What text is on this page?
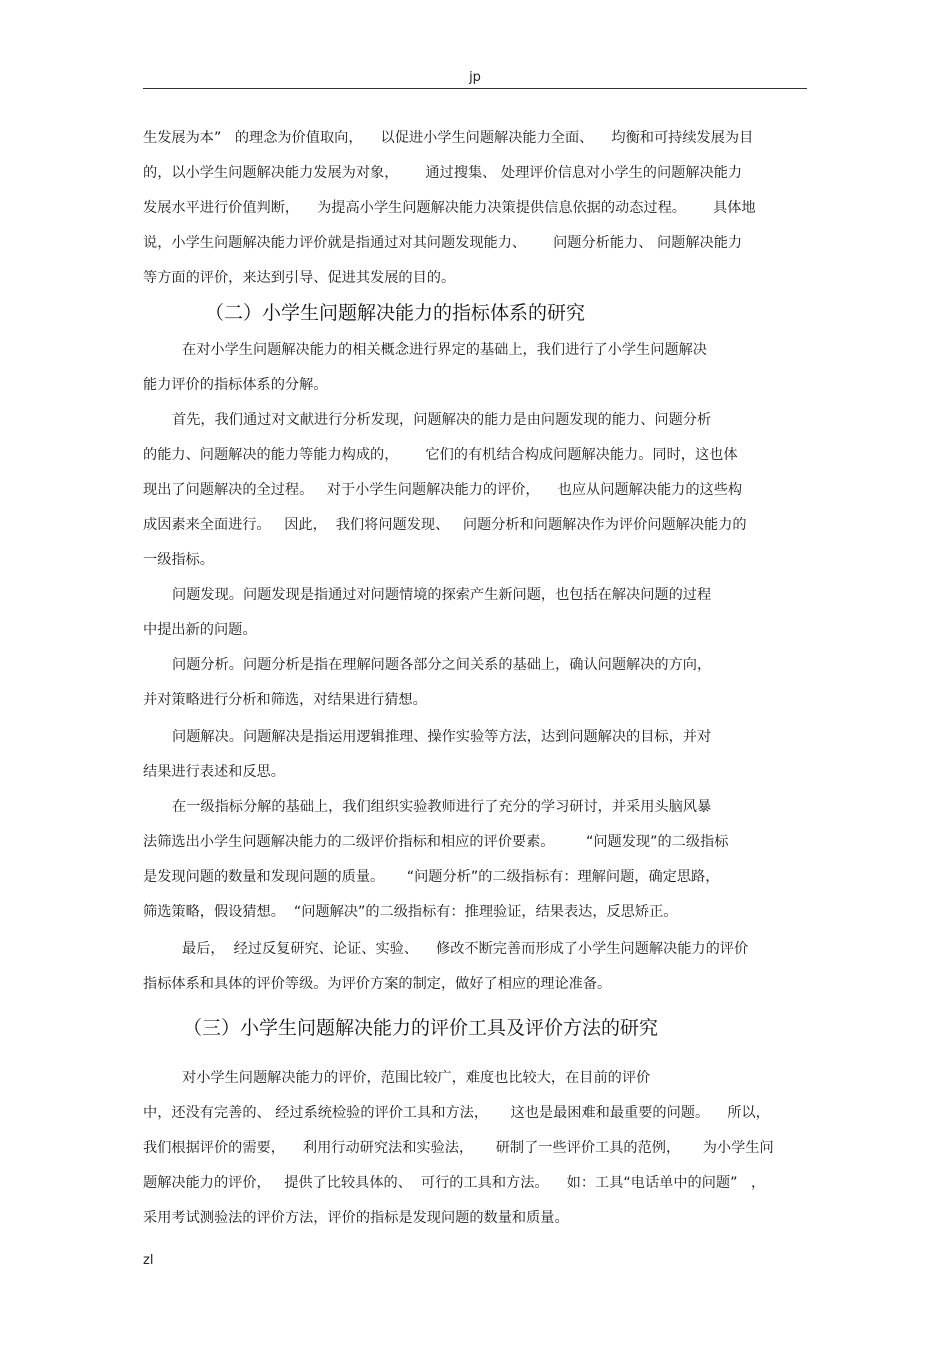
jp
生发展为本”   的理念为价值取向，    以促进小学生问题解决能力全面、    均衡和可持续发展为目
的，以小学生问题解决能力发展为对象，      通过搜集、 处理评价信息对小学生的问题解决能力
发展水平进行价值判断，    为提高小学生问题解决能力决策提供信息依据的动态过程。      具体地
说，小学生问题解决能力评价就是指通过对其问题发现能力、      问题分析能力、 问题解决能力
等方面的评价，来达到引导、促进其发展的目的。
（二）小学生问题解决能力的指标体系的研究
在对小学生问题解决能力的相关概念进行界定的基础上，我们进行了小学生问题解决
能力评价的指标体系的分解。
首先，我们通过对文献进行分析发现，问题解决的能力是由问题发现的能力、问题分析
的能力、问题解决的能力等能力构成的，      它们的有机结合构成问题解决能力。同时，这也体
现出了问题解决的全过程。   对于小学生问题解决能力的评价，    也应从问题解决能力的这些构
成因素来全面进行。   因此，  我们将问题发现、   问题分析和问题解决作为评价问题解决能力的
一级指标。
问题发现。问题发现是指通过对问题情境的探索产生新问题，也包括在解决问题的过程
中提出新的问题。
问题分析。问题分析是指在理解问题各部分之间关系的基础上，确认问题解决的方向，
并对策略进行分析和筛选，对结果进行猜想。
问题解决。问题解决是指运用逻辑推理、操作实验等方法，达到问题解决的目标，并对
结果进行表述和反思。
在一级指标分解的基础上，我们组织实验教师进行了充分的学习研讨，并采用头脑风暴
法筛选出小学生问题解决能力的二级评价指标和相应的评价要素。       “问题发现”的二级指标
是发现问题的数量和发现问题的质量。     “问题分析”的二级指标有：理解问题，确定思路，
筛选策略，假设猜想。  “问题解决”的二级指标有：推理验证，结果表达，反思矫正。
最后，  经过反复研究、论证、实验、    修改不断完善而形成了小学生问题解决能力的评价
指标体系和具体的评价等级。为评价方案的制定，做好了相应的理论准备。
（三）小学生问题解决能力的评价工具及评价方法的研究
对小学生问题解决能力的评价，范围比较广，难度也比较大，在目前的评价
中，还没有完善的、 经过系统检验的评价工具和方法，     这也是最困难和最重要的问题。    所以，
我们根据评价的需要，    利用行动研究法和实验法，     研制了一些评价工具的范例，     为小学生问
题解决能力的评价，   提供了比较具体的、  可行的工具和方法。    如：工具“电话单中的问题”   ，
采用考试测验法的评价方法，评价的指标是发现问题的数量和质量。
zl
